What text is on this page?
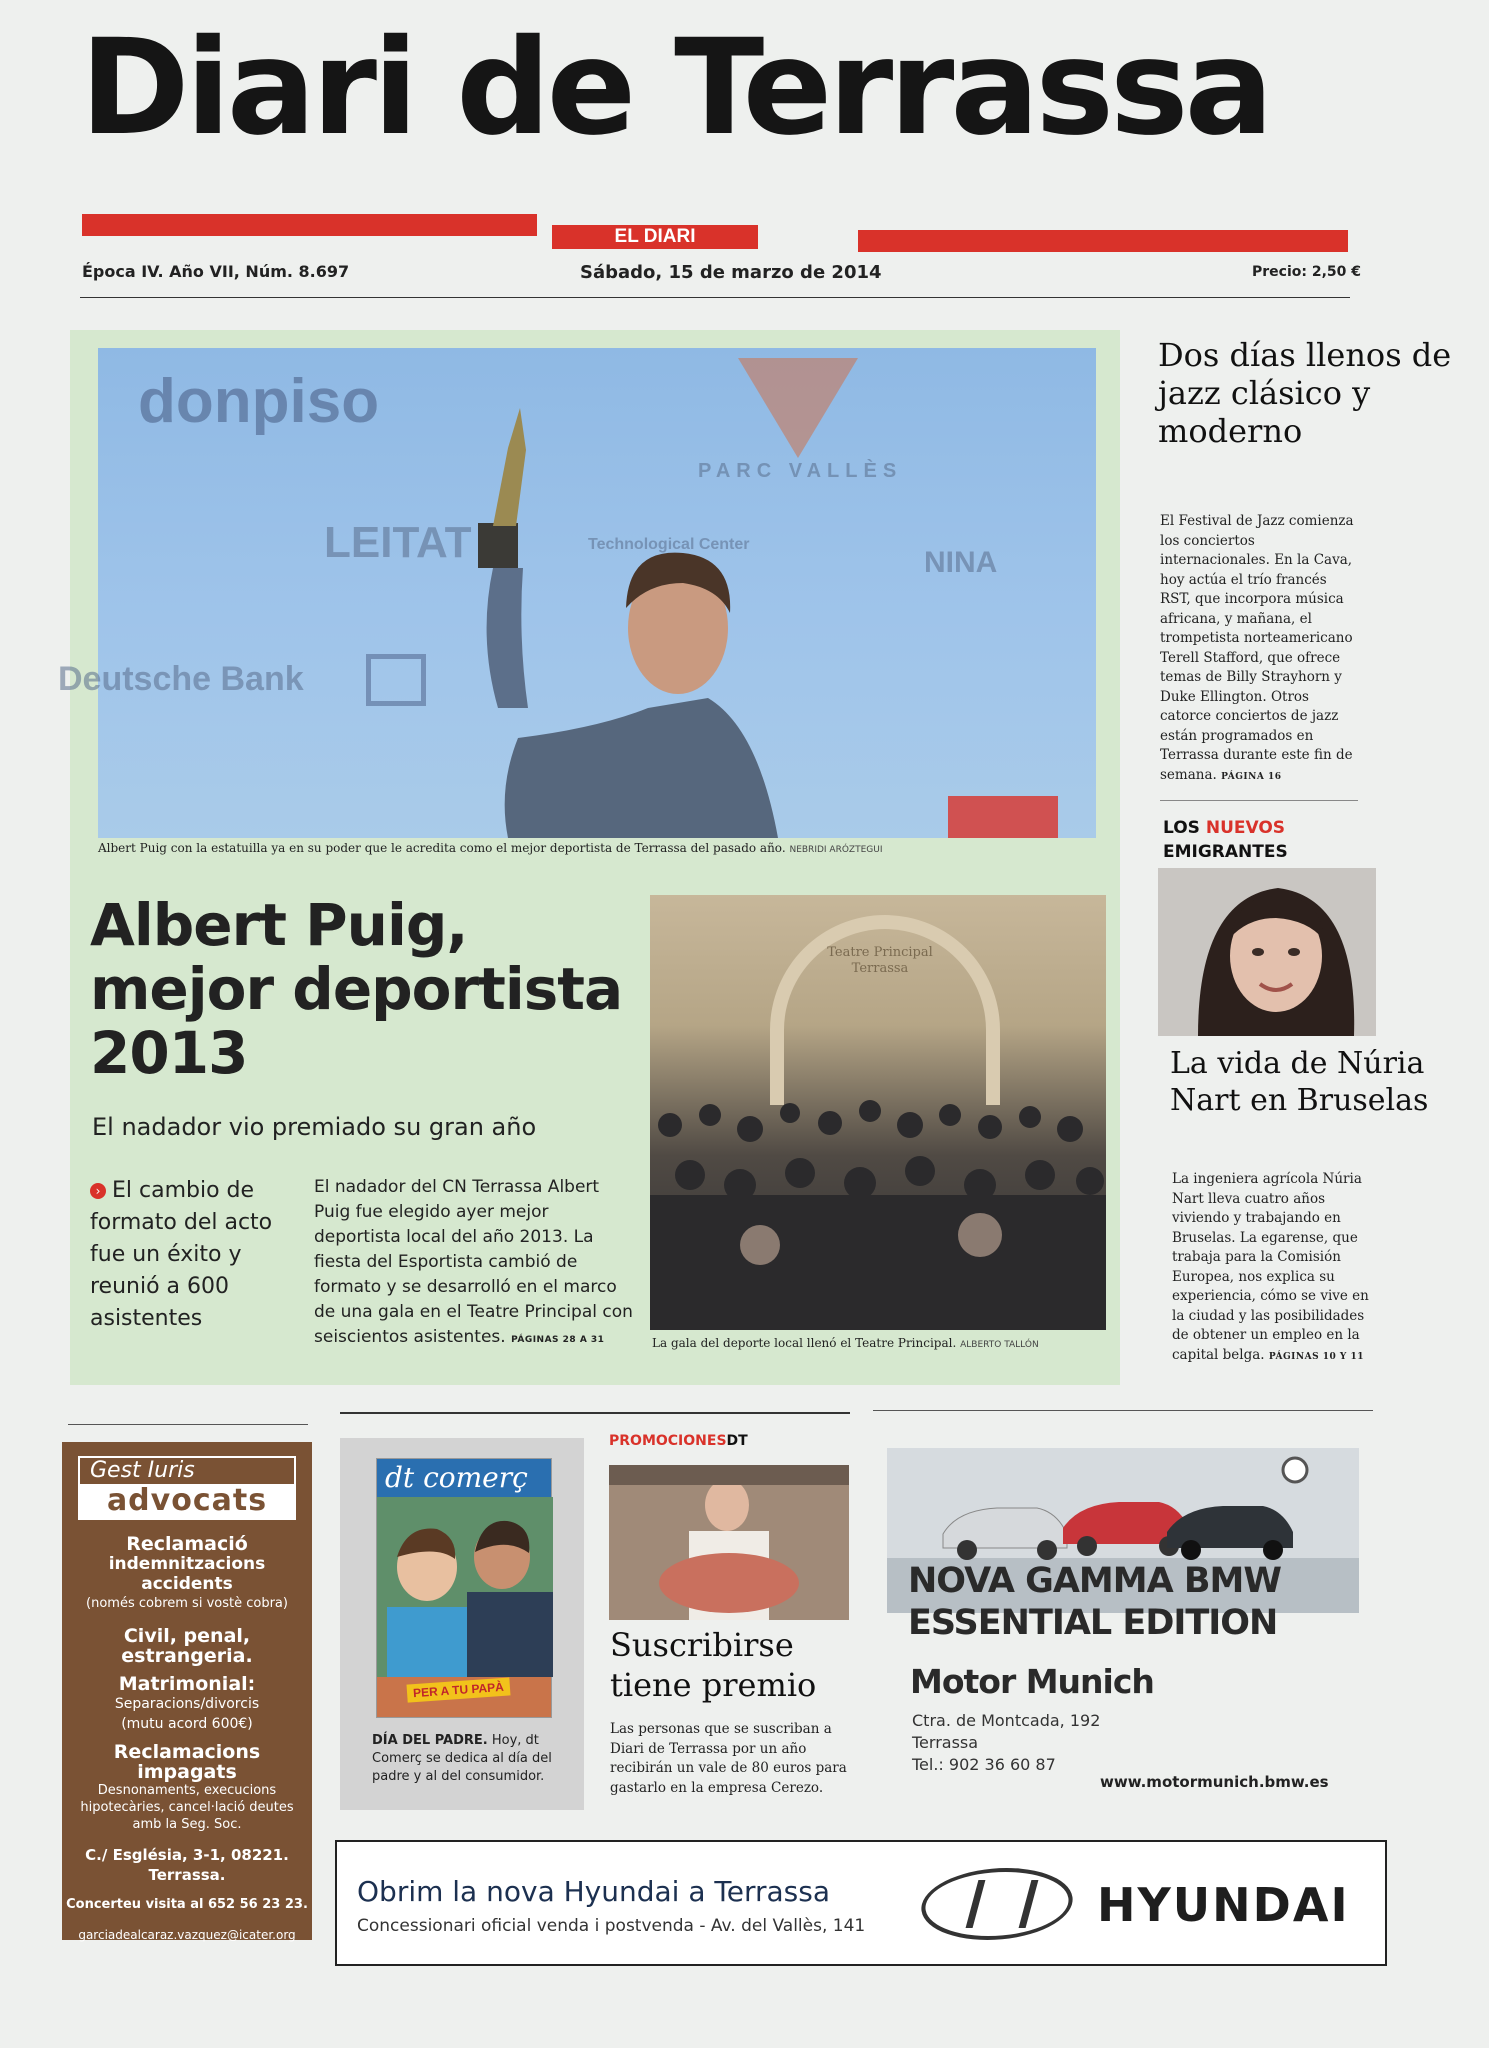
Diari de Terrassa
EL DIARI
Época IV. Año VII, Núm. 8.697	Sábado, 15 de marzo de 2014	Precio: 2,50 €
donpiso
PARC VALLÈS
LEITAT	Technological Center
Deutsche Bank
NINA
Albert Puig con la estatuilla ya en su poder que le acredita como el mejor deportista de Terrassa del pasado año. NEBRIDI ARÓZTEGUI
Albert Puig, mejor deportista 2013
El nadador vio premiado su gran año
› El cambio de formato del acto fue un éxito y reunió a 600 asistentes
El nadador del CN Terrassa Albert Puig fue elegido ayer mejor deportista local del año 2013. La fiesta del Esportista cambió de formato y se desarrolló en el marco de una gala en el Teatre Principal con seiscientos asistentes. PÁGINAS 28 A 31
Teatre Principal Terrassa
La gala del deporte local llenó el Teatre Principal. ALBERTO TALLÓN
Dos días llenos de jazz clásico y moderno
El Festival de Jazz comienza los conciertos internacionales. En la Cava, hoy actúa el trío francés RST, que incorpora música africana, y mañana, el trompetista norteamericano Terell Stafford, que ofrece temas de Billy Strayhorn y Duke Ellington. Otros catorce conciertos de jazz están programados en Terrassa durante este fin de semana. PÁGINA 16
LOS NUEVOS
EMIGRANTES
La vida de Núria Nart en Bruselas
La ingeniera agrícola Núria Nart lleva cuatro años viviendo y trabajando en Bruselas. La egarense, que trabaja para la Comisión Europea, nos explica su experiencia, cómo se vive en la ciudad y las posibilidades de obtener un empleo en la capital belga. PÁGINAS 10 Y 11
Gest Iuris
advocats
Reclamació
indemnitzacions accidents
(només cobrem si vostè cobra)
Civil, penal,
estrangeria.
Matrimonial:
Separacions/divorcis
(mutu acord 600€)
Reclamacions impagats
Desnonaments, execucions
hipotecàries, cancel·lació deutes
amb la Seg. Soc.
C./ Església, 3-1, 08221.
Terrassa.
Concerteu visita al 652 56 23 23.
garciadealcaraz.vazquez@icater.org
dt comerç
PER A TU PAPÀ
DÍA DEL PADRE. Hoy, dt Comerç se dedica al día del padre y al del consumidor.
PROMOCIONESDT
Suscribirse tiene premio
Las personas que se suscriban a Diari de Terrassa por un año recibirán un vale de 80 euros para gastarlo en la empresa Cerezo.
NOVA GAMMA BMW
ESSENTIAL EDITION
Motor Munich
Ctra. de Montcada, 192
Terrassa
Tel.: 902 36 60 87
www.motormunich.bmw.es
Obrim la nova Hyundai a Terrassa
Concessionari oficial venda i postvenda - Av. del Vallès, 141	HYUNDAI
